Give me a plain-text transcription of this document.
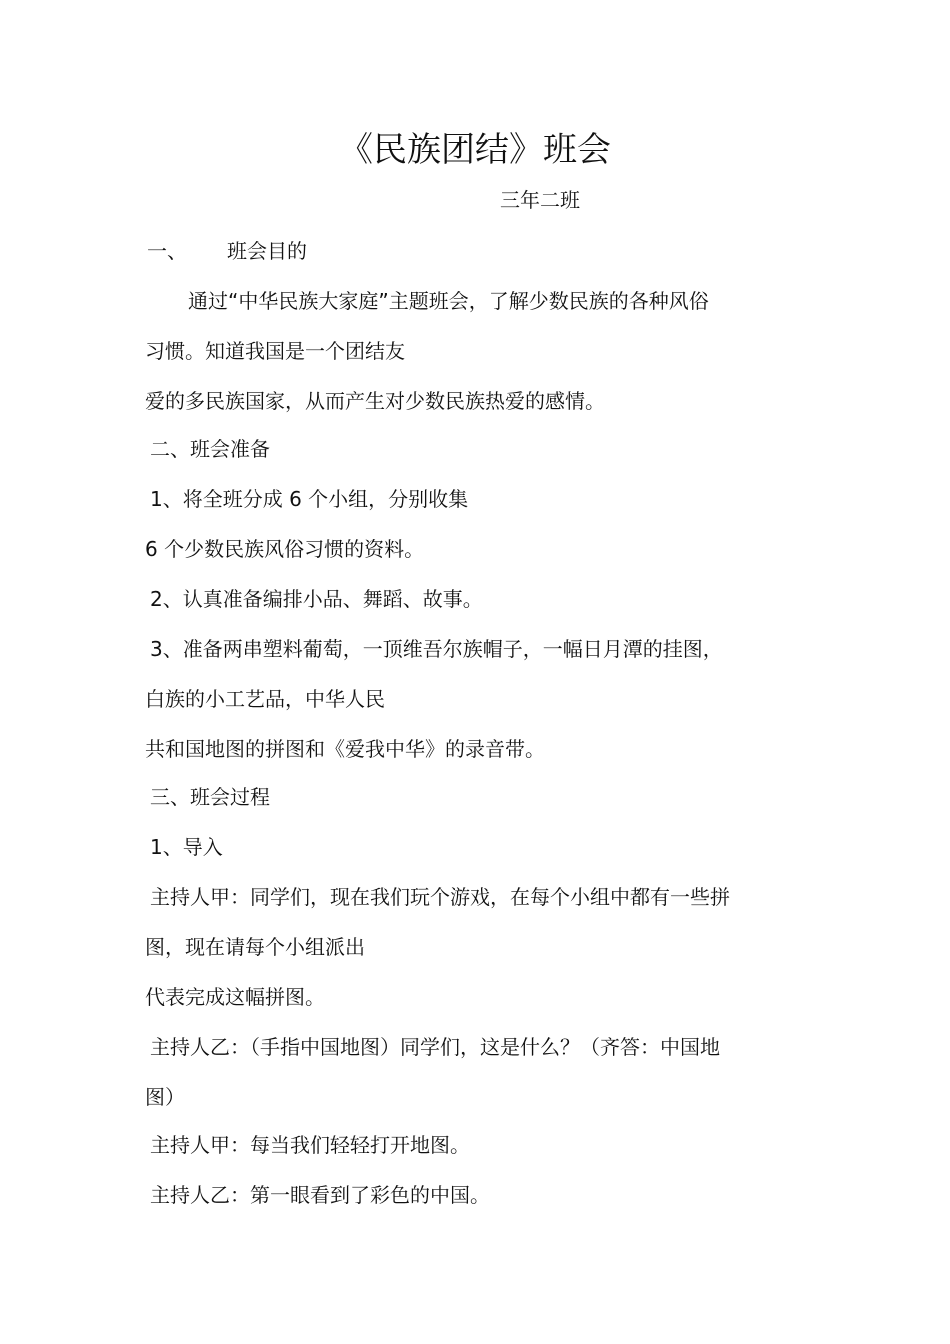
《民族团结》班会
三年二班
一、 班会目的
通过“中华民族大家庭”主题班会，了解少数民族的各种风俗
习惯。知道我国是一个团结友
爱的多民族国家，从而产生对少数民族热爱的感情。
二、班会准备
1、将全班分成 6 个小组，分别收集
6 个少数民族风俗习惯的资料。
2、认真准备编排小品、舞蹈、故事。
3、准备两串塑料葡萄，一顶维吾尔族帽子，一幅日月潭的挂图，
白族的小工艺品，中华人民
共和国地图的拼图和《爱我中华》的录音带。
三、班会过程
1、导入
主持人甲：同学们，现在我们玩个游戏，在每个小组中都有一些拼
图，现在请每个小组派出
代表完成这幅拼图。
主持人乙：（手指中国地图）同学们，这是什么？（齐答：中国地
图）
主持人甲：每当我们轻轻打开地图。
主持人乙：第一眼看到了彩色的中国。
